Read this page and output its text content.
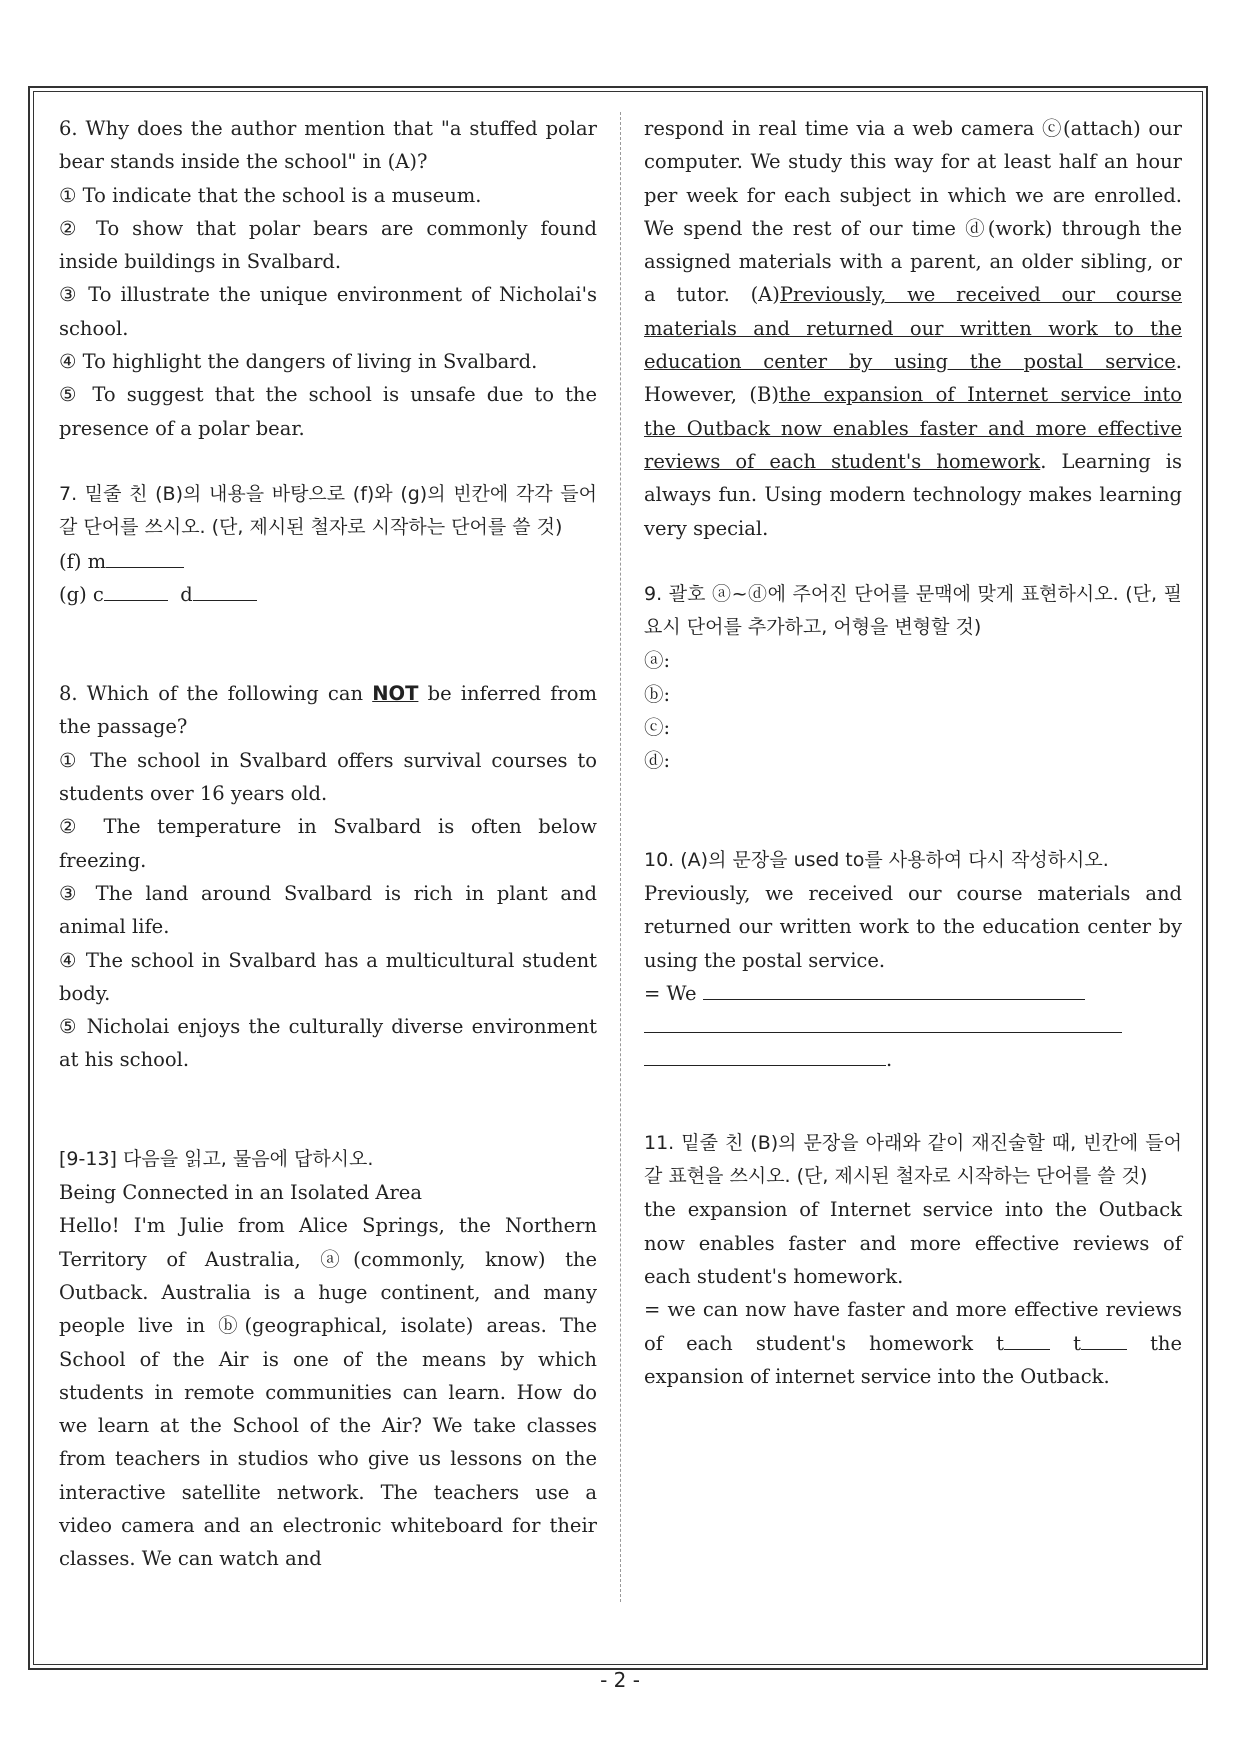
6. Why does the author mention that "a stuffed polar bear stands inside the school" in (A)?

① To indicate that the school is a museum.

② To show that polar bears are commonly found inside buildings in Svalbard.

③ To illustrate the unique environment of Nicholai's school.

④ To highlight the dangers of living in Svalbard.

⑤ To suggest that the school is unsafe due to the presence of a polar bear.

7. 밑줄 친 (B)의 내용을 바탕으로 (f)와 (g)의 빈칸에 각각 들어갈 단어를 쓰시오. (단, 제시된 철자로 시작하는 단어를 쓸 것)

(f) m

(g) c	d

8. Which of the following can NOT be inferred from the passage?

① The school in Svalbard offers survival courses to students over 16 years old.

② The temperature in Svalbard is often below freezing.

③ The land around Svalbard is rich in plant and animal life.

④ The school in Svalbard has a multicultural student body.

⑤ Nicholai enjoys the culturally diverse environment at his school.

[9-13] 다음을 읽고, 물음에 답하시오.

Being Connected in an Isolated Area

Hello! I'm Julie from Alice Springs, the Northern Territory of Australia, ⓐ(commonly, know) the Outback. Australia is a huge continent, and many people live in ⓑ(geographical, isolate) areas. The School of the Air is one of the means by which students in remote communities can learn. How do we learn at the School of the Air? We take classes from teachers in studios who give us lessons on the interactive satellite network. The teachers use a video camera and an electronic whiteboard for their classes. We can watch and

respond in real time via a web camera ⓒ(attach) our computer. We study this way for at least half an hour per week for each subject in which we are enrolled. We spend the rest of our time ⓓ(work) through the assigned materials with a parent, an older sibling, or a tutor. (A)Previously, we received our course materials and returned our written work to the education center by using the postal service. However, (B)the expansion of Internet service into the Outback now enables faster and more effective reviews of each student's homework. Learning is always fun. Using modern technology makes learning very special.

9. 괄호 ⓐ~ⓓ에 주어진 단어를 문맥에 맞게 표현하시오. (단, 필요시 단어를 추가하고, 어형을 변형할 것)

ⓐ:

ⓑ:

ⓒ:

ⓓ:

10. (A)의 문장을 used to를 사용하여 다시 작성하시오.

Previously, we received our course materials and returned our written work to the education center by using the postal service.

= We

.

11. 밑줄 친 (B)의 문장을 아래와 같이 재진술할 때, 빈칸에 들어갈 표현을 쓰시오. (단, 제시된 철자로 시작하는 단어를 쓸 것)

the expansion of Internet service into the Outback now enables faster and more effective reviews of each student's homework.

= we can now have faster and more effective reviews of each student's homework t	t the expansion of internet service into the Outback.

- 2 -
